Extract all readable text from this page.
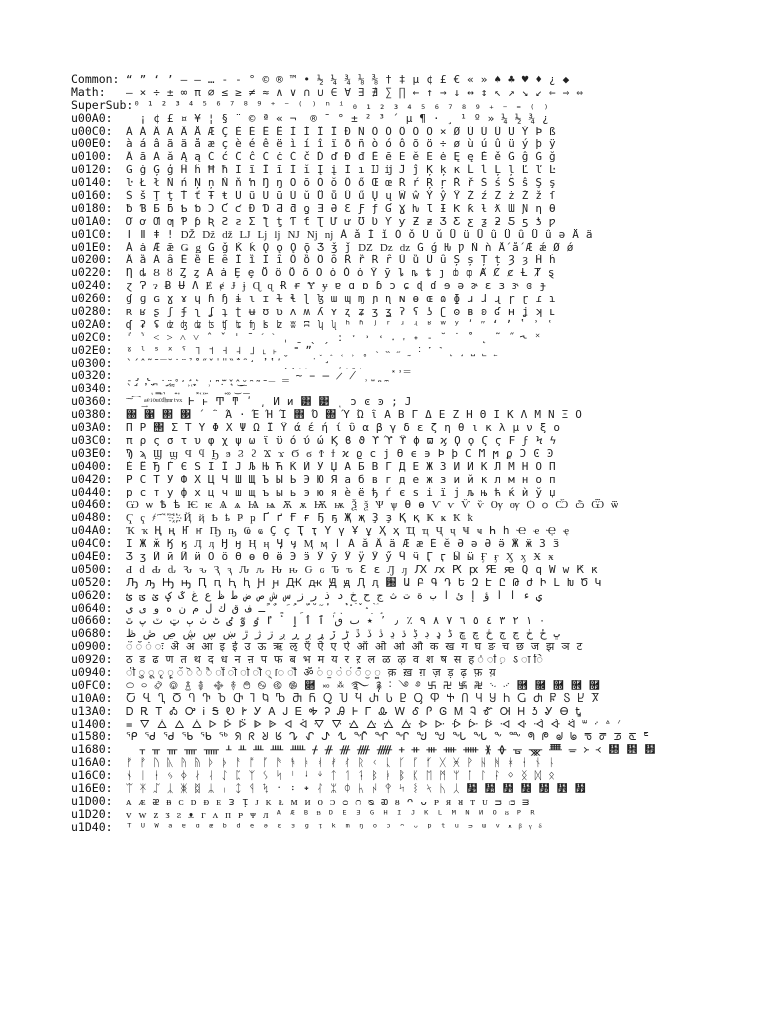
Common: “ ” ‘ ’ – — … - - ° © ® ™ • ½ ¼ ¾ ⅛ ⅜ † ‡ µ ¢ £ € « » ♠ ♣ ♥ ♦ ¿ ◆
Math:	– × ÷ ± ∞ π ∅ ≤ ≥ ≠ ≈ ∧ ∨ ∩ ∪ ∈ ∀ ∃ ∄ ∑ ∏ ← ↑ → ↓ ↔ ↕ ↖ ↗ ↘ ↙ ⇐ ⇒ ⇔
SuperSub: ⁰ ¹ ² ³ ⁴ ⁵ ⁶ ⁷ ⁸ ⁹ ⁺ ⁻ ⁽ ⁾ ⁿ ⁱ ₀ ₁ ₂ ₃ ₄ ₅ ₆ ₇ ₈ ₉ ₊ ₋ ₌ ₍ ₎
u00A0:	¡ ¢ £ ¤ ¥ ¦ § ¨ © ª « ¬  ® ¯ ° ± ² ³ ´ µ ¶ · ¸ ¹ º » ¼ ½ ¾ ¿
u00C0:	À Á Â Ã Ä Å Æ Ç È É Ê Ë Ì Í Î Ï Ð Ñ Ò Ó Ô Õ Ö × Ø Ù Ú Û Ü Ý Þ ß
u00E0:	à á â ã ä å æ ç è é ê ë ì í î ï ð ñ ò ó ô õ ö ÷ ø ù ú û ü ý þ ÿ
u0100:	Ā ā Ă ă Ą ą Ć ć Ĉ ĉ Ċ ċ Č č Ď ď Đ đ Ē ē Ĕ ĕ Ė ė Ę ę Ě ě Ĝ ĝ Ğ ğ
u0120:	Ġ ġ Ģ ģ Ĥ ĥ Ħ ħ Ĩ ĩ Ī ī Ĭ ĭ Į į İ ı Ĳ ĳ Ĵ ĵ Ķ ķ ĸ Ĺ ĺ Ļ ļ Ľ ľ Ŀ
u0140:	ŀ Ł ł Ń ń Ņ ņ Ň ň ŉ Ŋ ŋ Ō ō Ŏ ŏ Ő ő Œ œ Ŕ ŕ Ŗ ŗ Ř ř Ś ś Ŝ ŝ Ş ş
u0160:	Š š Ţ ţ Ť ť Ŧ ŧ Ũ ũ Ū ū Ŭ ŭ Ů ů Ű ű Ų ų Ŵ ŵ Ŷ ŷ Ÿ Ź ź Ż ż Ž ž ſ
u0180:	ƀ Ɓ Ƃ ƃ Ƅ ƅ Ɔ Ƈ ƈ Ɖ Ɗ Ƌ ƌ ƍ Ǝ Ə Ɛ Ƒ ƒ Ɠ Ɣ ƕ Ɩ Ɨ Ƙ ƙ ƚ ƛ Ɯ Ɲ ƞ Ɵ
u01A0:	Ơ ơ Ƣ ƣ Ƥ ƥ Ʀ Ƨ ƨ Ʃ ƪ ƫ Ƭ ƭ Ʈ Ư ư Ʊ Ʋ Ƴ ƴ Ƶ ƶ Ʒ Ƹ ƹ ƺ ƻ Ƽ ƽ ƾ ƿ
u01C0:	ǀ ǁ ǂ ǃ Ǆ ǅ ǆ Ǉ ǈ ǉ Ǌ ǋ ǌ Ǎ ǎ Ǐ ǐ Ǒ ǒ Ǔ ǔ Ǖ ǖ Ǘ ǘ Ǚ ǚ Ǜ ǜ ǝ Ǟ ǟ
u01E0:	Ǡ ǡ Ǣ ǣ Ǥ ǥ Ǧ ǧ Ǩ ǩ Ǫ ǫ Ǭ ǭ Ǯ ǯ ǰ Ǳ ǲ ǳ Ǵ ǵ Ƕ Ƿ Ǹ ǹ Ǻ ǻ Ǽ ǽ Ǿ ǿ
u0200:	Ȁ ȁ Ȃ ȃ Ȅ ȅ Ȇ ȇ Ȉ ȉ Ȋ ȋ Ȍ ȍ Ȏ ȏ Ȑ ȑ Ȓ ȓ Ȕ ȕ Ȗ ȗ Ș ș Ț ț Ȝ ȝ Ȟ ȟ
u0220:	Ƞ ȡ Ȣ ȣ Ȥ ȥ Ȧ ȧ Ȩ ȩ Ȫ ȫ Ȭ ȭ Ȯ ȯ Ȱ ȱ Ȳ ȳ ȴ ȵ ȶ ȷ ȸ ȹ Ⱥ Ȼ ȼ Ƚ Ⱦ ȿ
u0240:	ɀ Ɂ ɂ Ƀ Ʉ Ʌ Ɇ ɇ Ɉ ɉ Ɋ ɋ Ɍ ɍ Ɏ ɏ ɐ ɑ ɒ ɓ ɔ ɕ ɖ ɗ ɘ ə ɚ ɛ ɜ ɝ ɞ ɟ
u0260:	ɠ ɡ ɢ ɣ ɤ ɥ ɦ ɧ ɨ ɩ ɪ ɫ ɬ ɭ ɮ ɯ ɰ ɱ ɲ ɳ ɴ ɵ ɶ ɷ ɸ ɹ ɺ ɻ ɼ ɽ ɾ ɿ
u0280:	ʀ ʁ ʂ ʃ ʄ ʅ ʆ ʇ ʈ ʉ ʊ ʋ ʌ ʍ ʎ ʏ ʐ ʑ ʒ ʓ ʔ ʕ ʖ ʗ ʘ ʙ ʚ ʛ ʜ ʝ ʞ ʟ
u02A0:	ʠ ʡ ʢ ʣ ʤ ʥ ʦ ʧ ʨ ʩ ʪ ʫ ʬ ʭ ʮ ʯ ʰ ʱ ʲ ʳ ʴ ʵ ʶ ʷ ʸ ʹ ʺ ʻ ʼ ʽ ʾ ʿ
u02C0:	ˀ ˁ ˂ ˃ ˄ ˅ ˆ ˇ ˈ ˉ ˊ ˋ ˌ ˍ ˎ ˏ ː ˑ ˒ ˓ ˔ ˕ ˖ ˗ ˘ ˙ ˚ ˛ ˜ ˝ ˞ ˟
u02E0:	ˠ ˡ ˢ ˣ ˤ ˥ ˦ ˧ ˨ ˩ ˪ ˫ ˬ ˭ ˮ ˯ ˰ ˱ ˲ ˳ ˴ ˵ ˶ ˷ ˸ ˹ ˺ ˻ ˼ ˽ ˾ ˿
u0300:	̀ ́ ̂ ̃ ̄ ̅ ̆ ̇ ̈ ̉ ̊ ̋ ̌ ̍ ̎ ̏ ̐ ̑ ̒ ̓ ̔ ̕ ̖ ̗ ̘ ̙ ̚ ̛ ̜ ̝ ̞ ̟
u0320:	̠ ̡ ̢ ̣ ̤ ̥ ̦ ̧ ̨ ̩ ̪ ̫ ̬ ̭ ̮ ̯ ̰ ̱ ̲ ̳ ̴ ̵ ̶ ̷ ̸ ̹ ̺ ̻ ̼ ̽ ̾ ̿
u0340:	̀ ́ ͂ ̓ ̈́ ͅ ͆ ͇ ͈ ͉ ͊ ͋ ͌ ͍ ͎ ͏ ͐ ͑ ͒ ͓ ͔ ͕ ͖ ͗ ͘ ͙ ͚ ͛ ͜ ͝ ͞ ͟
u0360:	͠ ͡ ͢ ͣ ͤ ͥ ͦ ͧ ͨ ͩ ͪ ͫ ͬ ͭ ͮ ͯ Ͱ ͱ Ͳ ͳ ʹ ͵ Ͷ ͷ ͸ ͹ ͺ ͻ ͼ ͽ ; Ϳ
u0380:	΀ ΁ ΂ ΃ ΄ ΅ Ά · Έ Ή Ί ΋ Ό ΍ Ύ Ώ ΐ Α Β Γ Δ Ε Ζ Η Θ Ι Κ Λ Μ Ν Ξ Ο
u03A0:	Π Ρ ΢ Σ Τ Υ Φ Χ Ψ Ω Ϊ Ϋ ά έ ή ί ΰ α β γ δ ε ζ η θ ι κ λ μ ν ξ ο
u03C0:	π ρ ς σ τ υ φ χ ψ ω ϊ ϋ ό ύ ώ Ϗ ϐ ϑ ϒ ϓ ϔ ϕ ϖ ϗ Ϙ ϙ Ϛ ϛ Ϝ ϝ Ϟ ϟ
u03E0:	Ϡ ϡ Ϣ ϣ Ϥ ϥ Ϧ ϧ Ϩ ϩ Ϫ ϫ Ϭ ϭ Ϯ ϯ ϰ ϱ ϲ ϳ ϴ ϵ ϶ Ϸ ϸ Ϲ Ϻ ϻ ϼ Ͻ Ͼ Ͽ
u0400:	Ѐ Ё Ђ Ѓ Є Ѕ І Ї Ј Љ Њ Ћ Ќ Ѝ Ў Џ А Б В Г Д Е Ж З И Й К Л М Н О П
u0420:	Р С Т У Ф Х Ц Ч Ш Щ Ъ Ы Ь Э Ю Я а б в г д е ж з и й к л м н о п
u0440:	р с т у ф х ц ч ш щ ъ ы ь э ю я ѐ ё ђ ѓ є ѕ і ї ј љ њ ћ ќ ѝ ў џ
u0460:	Ѡ ѡ Ѣ ѣ Ѥ ѥ Ѧ ѧ Ѩ ѩ Ѫ ѫ Ѭ ѭ Ѯ ѯ Ѱ ѱ Ѳ ѳ Ѵ ѵ Ѷ ѷ Ѹ ѹ Ѻ ѻ Ѽ ѽ Ѿ ѿ
u0480:	Ҁ ҁ ҂ ҃ ҄ ҅ ҆ ҇ ҈ ҉ Ҋ ҋ Ҍ ҍ Ҏ ҏ Ґ ґ Ғ ғ Ҕ ҕ Җ җ Ҙ ҙ Қ қ Ҝ ҝ Ҟ ҟ
u04A0:	Ҡ ҡ Ң ң Ҥ ҥ Ҧ ҧ Ҩ ҩ Ҫ ҫ Ҭ ҭ Ү ү Ұ ұ Ҳ ҳ Ҵ ҵ Ҷ ҷ Ҹ ҹ Һ һ Ҽ ҽ Ҿ ҿ
u04C0:	Ӏ Ӂ ӂ Ӄ ӄ Ӆ ӆ Ӈ ӈ Ӊ ӊ Ӌ ӌ Ӎ ӎ ӏ Ӑ ӑ Ӓ ӓ Ӕ ӕ Ӗ ӗ Ә ә Ӛ ӛ Ӝ ӝ Ӟ ӟ
u04E0:	Ӡ ӡ Ӣ ӣ Ӥ ӥ Ӧ ӧ Ө ө Ӫ ӫ Ӭ ӭ Ӯ ӯ Ӱ ӱ Ӳ ӳ Ӵ ӵ Ӷ ӷ Ӹ ӹ Ӻ ӻ Ӽ ӽ Ӿ ӿ
u0500:	Ԁ ԁ Ԃ ԃ Ԅ ԅ Ԇ ԇ Ԉ ԉ Ԋ ԋ Ԍ ԍ Ԏ ԏ Ԑ ԑ Ԓ ԓ Ԕ ԕ Ԗ ԗ Ԙ ԙ Ԛ ԛ Ԝ ԝ Ԟ ԟ
u0520:	Ԡ ԡ Ԣ ԣ Ԥ ԥ Ԧ ԧ Ԩ ԩ Ԫ ԫ Ԭ ԭ Ԯ ԯ ԰ Ա Բ Գ Դ Ե Զ Է Ը Թ Ժ Ի Լ Խ Ծ Կ
u0620:	ؠ ء آ أ ؤ إ ئ ا ب ة ت ث ج ح خ د ذ ر ز س ش ص ض ط ظ ع غ ػ ؼ ؽ ؾ ؿ
u0640:	ـ ف ق ك ل م ن ه و ى ي ً ٌ ٍ َ ُ ِ ّ ْ ٓ ٔ ٕ ٖ ٗ ٘ ٙ ٚ ٛ ٜ ٝ ٞ ٟ
u0660:	٠ ١ ٢ ٣ ٤ ٥ ٦ ٧ ٨ ٩ ٪ ٫ ٬ ٭ ٮ ٯ ٰ ٱ ٲ ٳ ٴ ٵ ٶ ٷ ٸ ٹ ٺ ٻ ټ ٽ پ ٿ
u0680:	ڀ ځ ڂ ڃ ڄ څ چ ڇ ڈ ډ ڊ ڋ ڌ ڍ ڎ ڏ ڐ ڑ ڒ ړ ڔ ڕ ږ ڗ ژ ڙ ښ ڛ ڜ ڝ ڞ ڟ
u0900:	ऀ ँ ं ः ऄ अ आ इ ई उ ऊ ऋ ऌ ऍ ऎ ए ऐ ऑ ऒ ओ औ क ख ग घ ङ च छ ज झ ञ ट
u0920:	ठ ड ढ ण त थ द ध न ऩ प फ ब भ म य र ऱ ल ळ ऴ व श ष स ह ऺ ऻ ़ ऽ ा ि
u0940:	ी ु ू ृ ॄ ॅ ॆ े ै ॉ ॊ ो ौ ् ॎ ॏ ॐ ॑ ॒ ॓ ॔ ॕ ॖ ॗ क़ ख़ ग़ ज़ ड़ ढ़ फ़ य़
u0FC0:	࿀ ࿁ ࿂ ࿃ ࿄ ࿅ ࿆ ࿇ ࿈ ࿉ ࿊ ࿋ ࿌ ࿍ ࿎ ࿏ ࿐ ࿑ ࿒ ࿓ ࿔ ࿕ ࿖ ࿗ ࿘ ࿙ ࿚ ࿛ ࿜ ࿝ ࿞ ࿟
u10A0:	Ⴀ Ⴁ Ⴂ Ⴃ Ⴄ Ⴅ Ⴆ Ⴇ Ⴈ Ⴉ Ⴊ Ⴋ Ⴌ Ⴍ Ⴎ Ⴏ Ⴐ Ⴑ Ⴒ Ⴓ Ⴔ Ⴕ Ⴖ Ⴗ Ⴘ Ⴙ Ⴚ Ⴛ Ⴜ Ⴝ Ⴞ Ⴟ
u13A0:	Ꭰ Ꭱ Ꭲ Ꭳ Ꭴ Ꭵ Ꭶ Ꭷ Ꭸ Ꭹ Ꭺ Ꭻ Ꭼ Ꭽ Ꭾ Ꭿ Ꮀ Ꮁ Ꮂ Ꮃ Ꮄ Ꮅ Ꮆ Ꮇ Ꮈ Ꮉ Ꮊ Ꮋ Ꮌ Ꮍ Ꮎ Ꮏ
u1400:	᐀ ᐁ ᐂ ᐃ ᐄ ᐅ ᐆ ᐇ ᐈ ᐉ ᐊ ᐋ ᐌ ᐍ ᐎ ᐏ ᐐ ᐑ ᐒ ᐓ ᐔ ᐕ ᐖ ᐗ ᐘ ᐙ ᐚ ᐛ ᐜ ᐝ ᐞ ᐟ
u1580:	ᖀ ᖁ ᖂ ᖃ ᖄ ᖅ ᖆ ᖇ ᖈ ᖉ ᖊ ᖋ ᖌ ᖍ ᖎ ᖏ ᖐ ᖑ ᖒ ᖓ ᖔ ᖕ ᖖ ᖗ ᖘ ᖙ ᖚ ᖛ ᖜ ᖝ ᖞ ᖟ
u1680:	ᚁ ᚂ ᚃ ᚄ ᚅ ᚆ ᚇ ᚈ ᚉ ᚊ ᚋ ᚌ ᚍ ᚎ ᚏ ᚐ ᚑ ᚒ ᚓ ᚔ ᚕ ᚖ ᚗ ᚘ ᚙ ᚚ ᚛ ᚜ ᚝ ᚞ ᚟
u16A0:	ᚠ ᚡ ᚢ ᚣ ᚤ ᚥ ᚦ ᚧ ᚨ ᚩ ᚪ ᚫ ᚬ ᚭ ᚮ ᚯ ᚰ ᚱ ᚲ ᚳ ᚴ ᚵ ᚶ ᚷ ᚸ ᚹ ᚺ ᚻ ᚼ ᚽ ᚾ ᚿ
u16C0:	ᛀ ᛁ ᛂ ᛃ ᛄ ᛅ ᛆ ᛇ ᛈ ᛉ ᛊ ᛋ ᛌ ᛍ ᛎ ᛏ ᛐ ᛑ ᛒ ᛓ ᛔ ᛕ ᛖ ᛗ ᛘ ᛙ ᛚ ᛛ ᛜ ᛝ ᛞ ᛟ
u16E0:	ᛠ ᛡ ᛢ ᛣ ᛤ ᛥ ᛦ ᛧ ᛨ ᛩ ᛪ ᛫ ᛬ ᛭ ᛮ ᛯ ᛰ ᛱ ᛲ ᛳ ᛴ ᛵ ᛶ ᛷ ᛸ ᛹ ᛺ ᛻ ᛼ ᛽ ᛾ ᛿
u1D00:	ᴀ ᴁ ᴂ ᴃ ᴄ ᴅ ᴆ ᴇ ᴈ ᴉ ᴊ ᴋ ᴌ ᴍ ᴎ ᴏ ᴐ ᴑ ᴒ ᴓ ᴔ ᴕ ᴖ ᴗ ᴘ ᴙ ᴚ ᴛ ᴜ ᴝ ᴞ ᴟ
u1D20:	ᴠ ᴡ ᴢ ᴣ ᴤ ᴥ ᴦ ᴧ ᴨ ᴩ ᴪ ᴫ ᴬ ᴭ ᴮ ᴯ ᴰ ᴱ ᴲ ᴳ ᴴ ᴵ ᴶ ᴷ ᴸ ᴹ ᴺ ᴻ ᴼ ᴽ ᴾ ᴿ
u1D40:	ᵀ ᵁ ᵂ ᵃ ᵄ ᵅ ᵆ ᵇ ᵈ ᵉ ᵊ ᵋ ᵌ ᵍ ᵎ ᵏ ᵐ ᵑ ᵒ ᵓ ᵔ ᵕ ᵖ ᵗ ᵘ ᵙ ᵚ ᵛ ᵜ ᵝ ᵞ ᵟ
